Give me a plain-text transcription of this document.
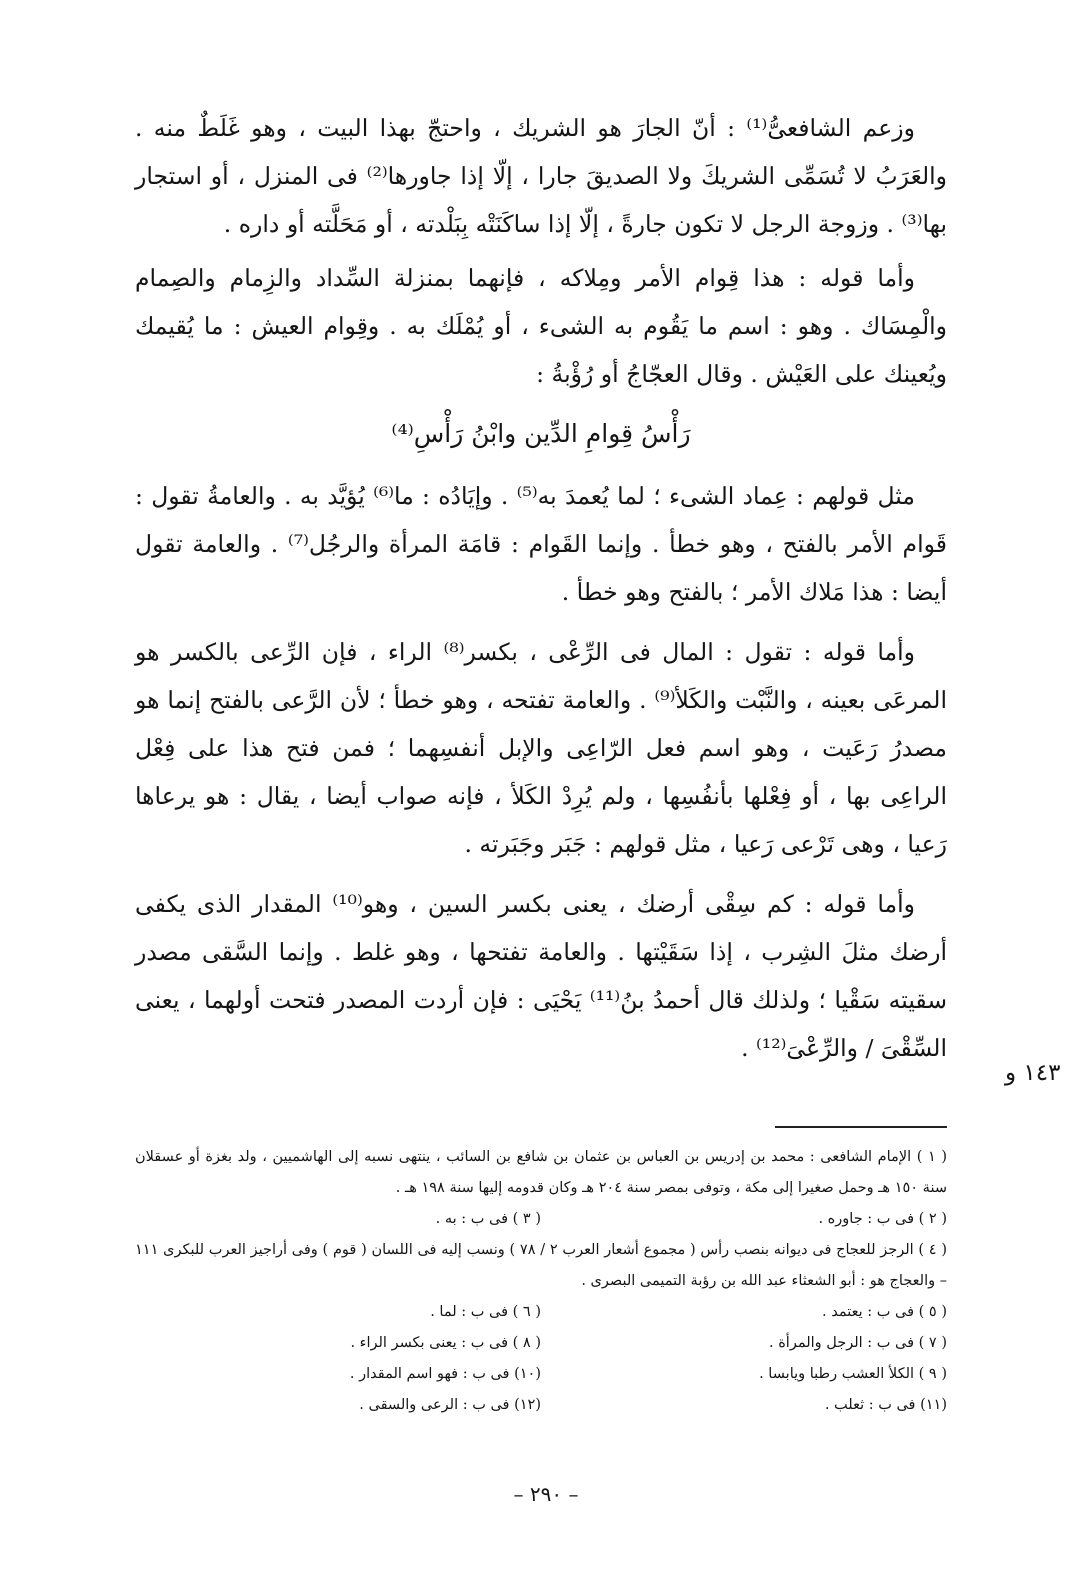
وزعم الشافعىُّ⁽¹⁾ : أنّ الجارَ هو الشريك ، واحتجّ بهذا البيت ، وهو غَلَطٌ منه . والعَرَبُ لا تُسَمِّى الشريكَ ولا الصديقَ جارا ، إلّا إذا جاورها⁽²⁾ فى المنزل ، أو استجار بها⁽³⁾ . وزوجة الرجل لا تكون جارةً ، إلّا إذا ساكَنَتْه بِبَلْدته ، أو مَحَلَّته أو داره .

وأما قوله : هذا قِوام الأمر ومِلاكه ، فإنهما بمنزلة السِّداد والزِمام والصِمام والْمِسَاك . وهو : اسم ما يَقُوم به الشىء ، أو يُمْلَك به . وقِوام العيش : ما يُقيمك ويُعينك على العَيْش . وقال العجّاجُ أو رُؤْبةُ :

رَأْسُ قِوامِ الدِّين وابْنُ رَأْسِ⁽⁴⁾

مثل قولهم : عِماد الشىء ؛ لما يُعمدَ به⁽⁵⁾ . وإيَادُه : ما⁽⁶⁾ يُؤيَّد به . والعامةُ تقول : قَوام الأمر بالفتح ، وهو خطأ . وإنما القَوام : قامَة المرأة والرجُل⁽⁷⁾ . والعامة تقول أيضا : هذا مَلاك الأمر ؛ بالفتح وهو خطأ .

وأما قوله : تقول : المال فى الرِّعْى ، بكسر⁽⁸⁾ الراء ، فإن الرِّعى بالكسر هو المرعَى بعينه ، والنَّبْت والكَلأ⁽⁹⁾ . والعامة تفتحه ، وهو خطأ ؛ لأن الرَّعى بالفتح إنما هو مصدرُ رَعَيت ، وهو اسم فعل الرّاعِى والإبل أنفسِهما ؛ فمن فتح هذا على فِعْل الراعِى بها ، أو فِعْلها بأنفُسِها ، ولم يُرِدْ الكَلأ ، فإنه صواب أيضا ، يقال : هو يرعاها رَعيا ، وهى تَرْعى رَعيا ، مثل قولهم : جَبَر وجَبَرته .

وأما قوله : كم سِقْى أرضك ، يعنى بكسر السين ، وهو⁽¹⁰⁾ المقدار الذى يكفى أرضك مثلَ الشِرب ، إذا سَقَيْتها . والعامة تفتحها ، وهو غلط . وإنما السَّقى مصدر سقيته سَقْيا ؛ ولذلك قال أحمدُ بنُ⁽¹¹⁾ يَحْيَى : فإن أردت المصدر فتحت أولهما ، يعنى السِّقْىَ / والرِّعْىَ⁽¹²⁾ .

١٤٣ و

( ١ ) الإمام الشافعى : محمد بن إدريس بن العباس بن عثمان بن شافع بن السائب ، ينتهى نسبه إلى الهاشميين ، ولد بغزة أو عسقلان سنة ١٥٠ هـ وحمل صغيرا إلى مكة ، وتوفى بمصر سنة ٢٠٤ هـ وكان قدومه إليها سنة ١٩٨ هـ .

( ٢ ) فى ب : جاوره .
( ٣ ) فى ب : به .

( ٤ ) الرجز للعجاج فى ديوانه بنصب رأس ( مجموع أشعار العرب ٢ / ٧٨ ) ونسب إليه فى اللسان ( قوم ) وفى أراجيز العرب للبكرى ١١١ – والعجاج هو : أبو الشعثاء عبد الله بن رؤبة التميمى البصرى .

( ٥ ) فى ب : يعتمد .
( ٦ ) فى ب : لما .
( ٧ ) فى ب : الرجل والمرأة .
( ٨ ) فى ب : يعنى بكسر الراء .
( ٩ ) الكلأ العشب رطبا ويابسا .
(١٠) فى ب : فهو اسم المقدار .
(١١) فى ب : ثعلب .
(١٢) فى ب : الرعى والسقى .
– ٢٩٠ –
